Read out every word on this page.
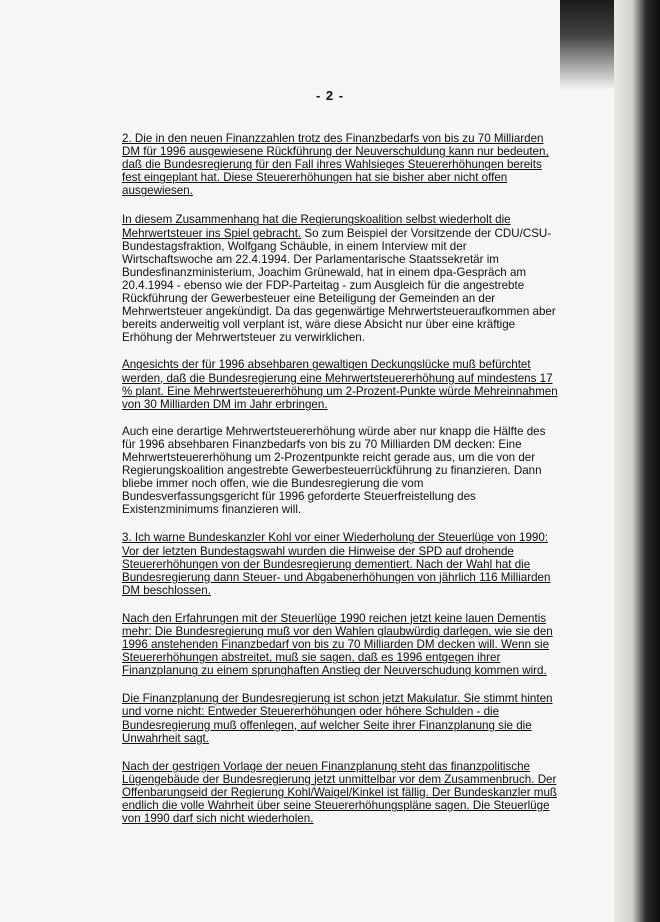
- 2 -

2. Die in den neuen Finanzzahlen trotz des Finanzbedarfs von bis zu 70 Milliarden DM für 1996 ausgewiesene Rückführung der Neuverschuldung kann nur bedeuten, daß die Bundesregierung für den Fall ihres Wahlsieges Steuererhöhungen bereits fest eingeplant hat. Diese Steuererhöhungen hat sie bisher aber nicht offen ausgewiesen.

In diesem Zusammenhang hat die Regierungskoalition selbst wiederholt die Mehrwertsteuer ins Spiel gebracht. So zum Beispiel der Vorsitzende der CDU/CSU-Bundestagsfraktion, Wolfgang Schäuble, in einem Interview mit der Wirtschaftswoche am 22.4.1994. Der Parlamentarische Staatssekretär im Bundesfinanzministerium, Joachim Grünewald, hat in einem dpa-Gespräch am 20.4.1994 - ebenso wie der FDP-Parteitag - zum Ausgleich für die angestrebte Rückführung der Gewerbesteuer eine Beteiligung der Gemeinden an der Mehrwertsteuer angekündigt. Da das gegenwärtige Mehrwertsteueraufkommen aber bereits anderweitig voll verplant ist, wäre diese Absicht nur über eine kräftige Erhöhung der Mehrwertsteuer zu verwirklichen.

Angesichts der für 1996 absehbaren gewaltigen Deckungslücke muß befürchtet werden, daß die Bundesregierung eine Mehrwertsteuererhöhung auf mindestens 17 % plant. Eine Mehrwertsteuererhöhung um 2-Prozent-Punkte würde Mehreinnahmen von 30 Milliarden DM im Jahr erbringen.

Auch eine derartige Mehrwertsteuererhöhung würde aber nur knapp die Hälfte des für 1996 absehbaren Finanzbedarfs von bis zu 70 Milliarden DM decken: Eine Mehrwertsteuererhöhung um 2-Prozentpunkte reicht gerade aus, um die von der Regierungskoalition angestrebte Gewerbesteuerrückführung zu finanzieren. Dann bliebe immer noch offen, wie die Bundesregierung die vom Bundesverfassungsgericht für 1996 geforderte Steuerfreistellung des Existenzminimums finanzieren will.

3. Ich warne Bundeskanzler Kohl vor einer Wiederholung der Steuerlüge von 1990: Vor der letzten Bundestagswahl wurden die Hinweise der SPD auf drohende Steuererhöhungen von der Bundesregierung dementiert. Nach der Wahl hat die Bundesregierung dann Steuer- und Abgabenerhöhungen von jährlich 116 Milliarden DM beschlossen.

Nach den Erfahrungen mit der Steuerlüge 1990 reichen jetzt keine lauen Dementis mehr: Die Bundesregierung muß vor den Wahlen glaubwürdig darlegen, wie sie den 1996 anstehenden Finanzbedarf von bis zu 70 Milliarden DM decken will. Wenn sie Steuererhöhungen abstreitet, muß sie sagen, daß es 1996 entgegen ihrer Finanzplanung zu einem sprunghaften Anstieg der Neuverschudung kommen wird.

Die Finanzplanung der Bundesregierung ist schon jetzt Makulatur. Sie stimmt hinten und vorne nicht: Entweder Steuererhöhungen oder höhere Schulden - die Bundesregierung muß offenlegen, auf welcher Seite ihrer Finanzplanung sie die Unwahrheit sagt.

Nach der gestrigen Vorlage der neuen Finanzplanung steht das finanzpolitische Lügengebäude der Bundesregierung jetzt unmittelbar vor dem Zusammenbruch. Der Offenbarungseid der Regierung Kohl/Waigel/Kinkel ist fällig. Der Bundeskanzler muß endlich die volle Wahrheit über seine Steuererhöhungspläne sagen. Die Steuerlüge von 1990 darf sich nicht wiederholen.
